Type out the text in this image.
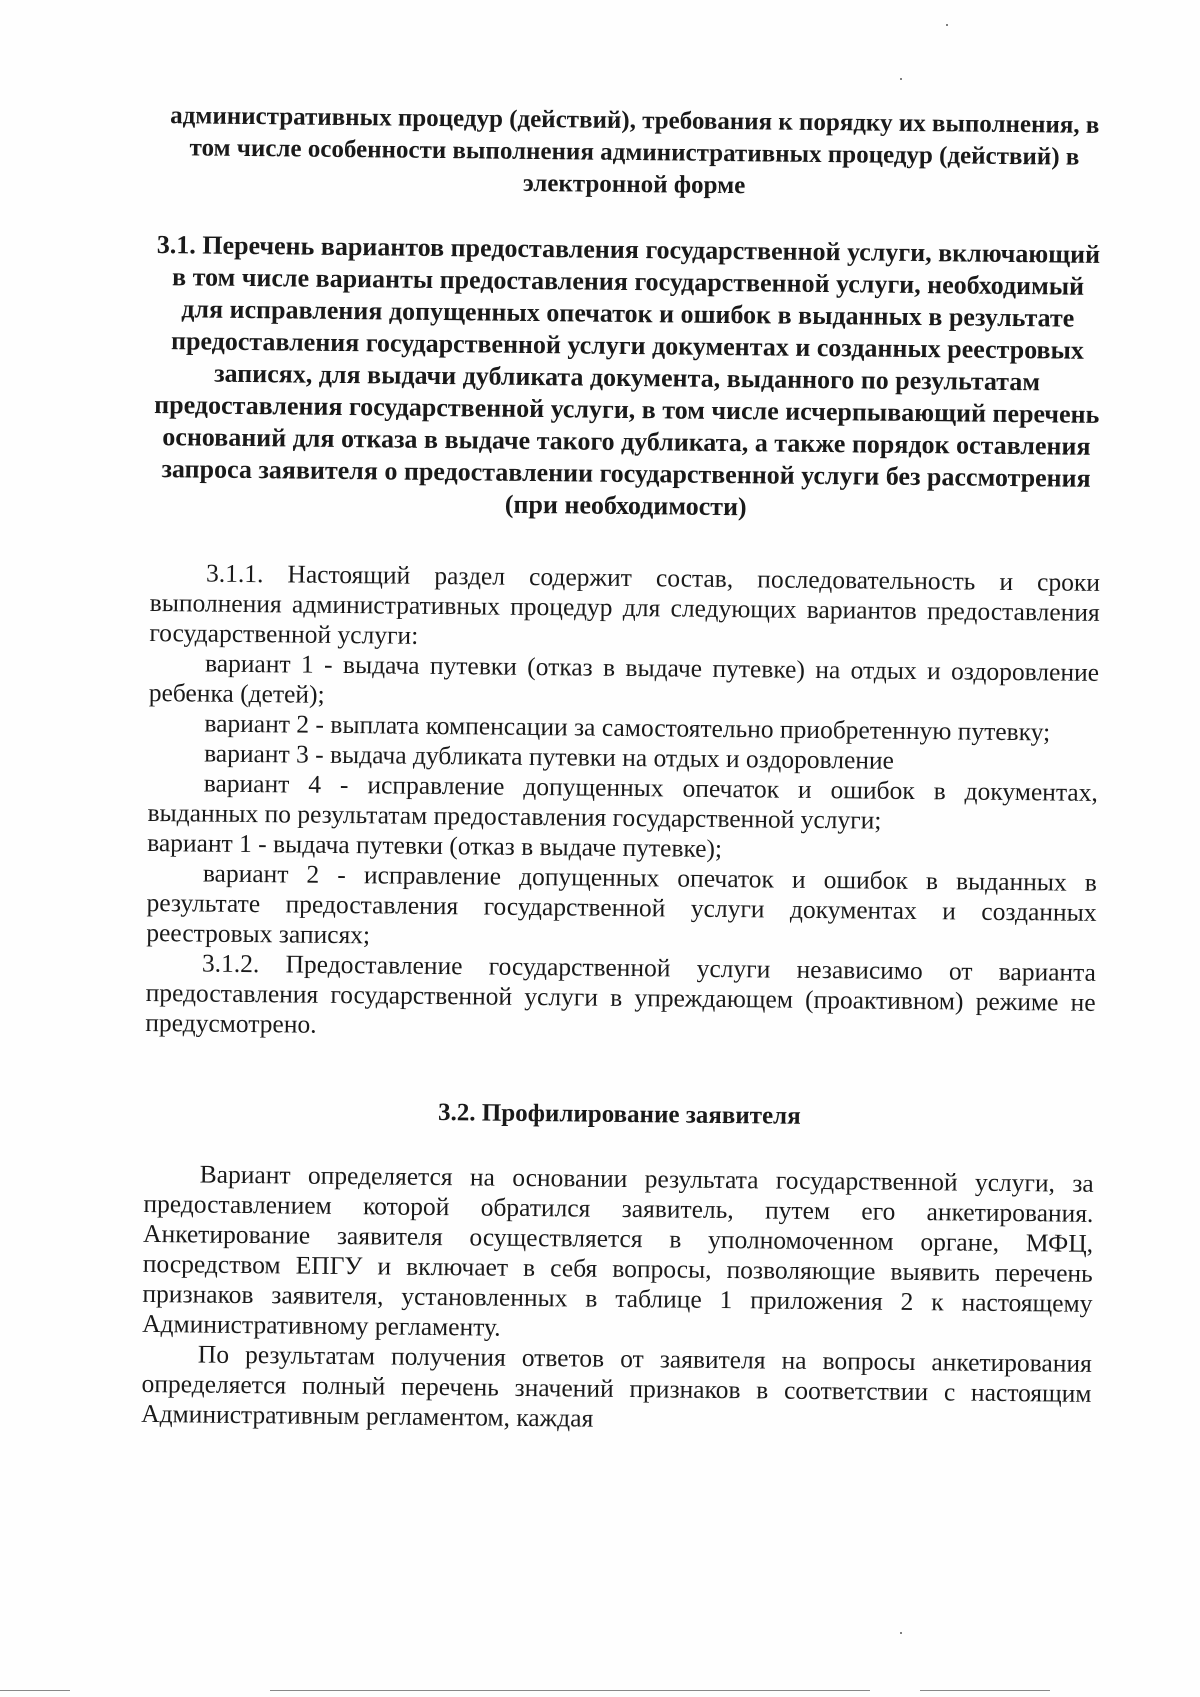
административных процедур (действий), требования к порядку их выполнения, в том числе особенности выполнения административных процедур (действий) в электронной форме

3.1. Перечень вариантов предоставления государственной услуги, включающий в том числе варианты предоставления государственной услуги, необходимый для исправления допущенных опечаток и ошибок в выданных в результате предоставления государственной услуги документах и созданных реестровых записях, для выдачи дубликата документа, выданного по результатам предоставления государственной услуги, в том числе исчерпывающий перечень оснований для отказа в выдаче такого дубликата, а также порядок оставления запроса заявителя о предоставлении государственной услуги без рассмотрения (при необходимости)

3.1.1. Настоящий раздел содержит состав, последовательность и сроки выполнения административных процедур для следующих вариантов предоставления государственной услуги:

вариант 1 - выдача путевки (отказ в выдаче путевке) на отдых и оздоровление ребенка (детей);

вариант 2 - выплата компенсации за самостоятельно приобретенную путевку;

вариант 3 - выдача дубликата путевки на отдых и оздоровление

вариант 4 - исправление допущенных опечаток и ошибок в документах, выданных по результатам предоставления государственной услуги;

вариант 1 - выдача путевки (отказ в выдаче путевке);

вариант 2 - исправление допущенных опечаток и ошибок в выданных в результате предоставления государственной услуги документах и созданных реестровых записях;

3.1.2. Предоставление государственной услуги независимо от варианта предоставления государственной услуги в упреждающем (проактивном) режиме не предусмотрено.

3.2. Профилирование заявителя

Вариант определяется на основании результата государственной услуги, за предоставлением которой обратился заявитель, путем его анкетирования. Анкетирование заявителя осуществляется в уполномоченном органе, МФЦ, посредством ЕПГУ и включает в себя вопросы, позволяющие выявить перечень признаков заявителя, установленных в таблице 1 приложения 2 к настоящему Административному регламенту.

По результатам получения ответов от заявителя на вопросы анкетирования определяется полный перечень значений признаков в соответствии с настоящим Административным регламентом, каждая
